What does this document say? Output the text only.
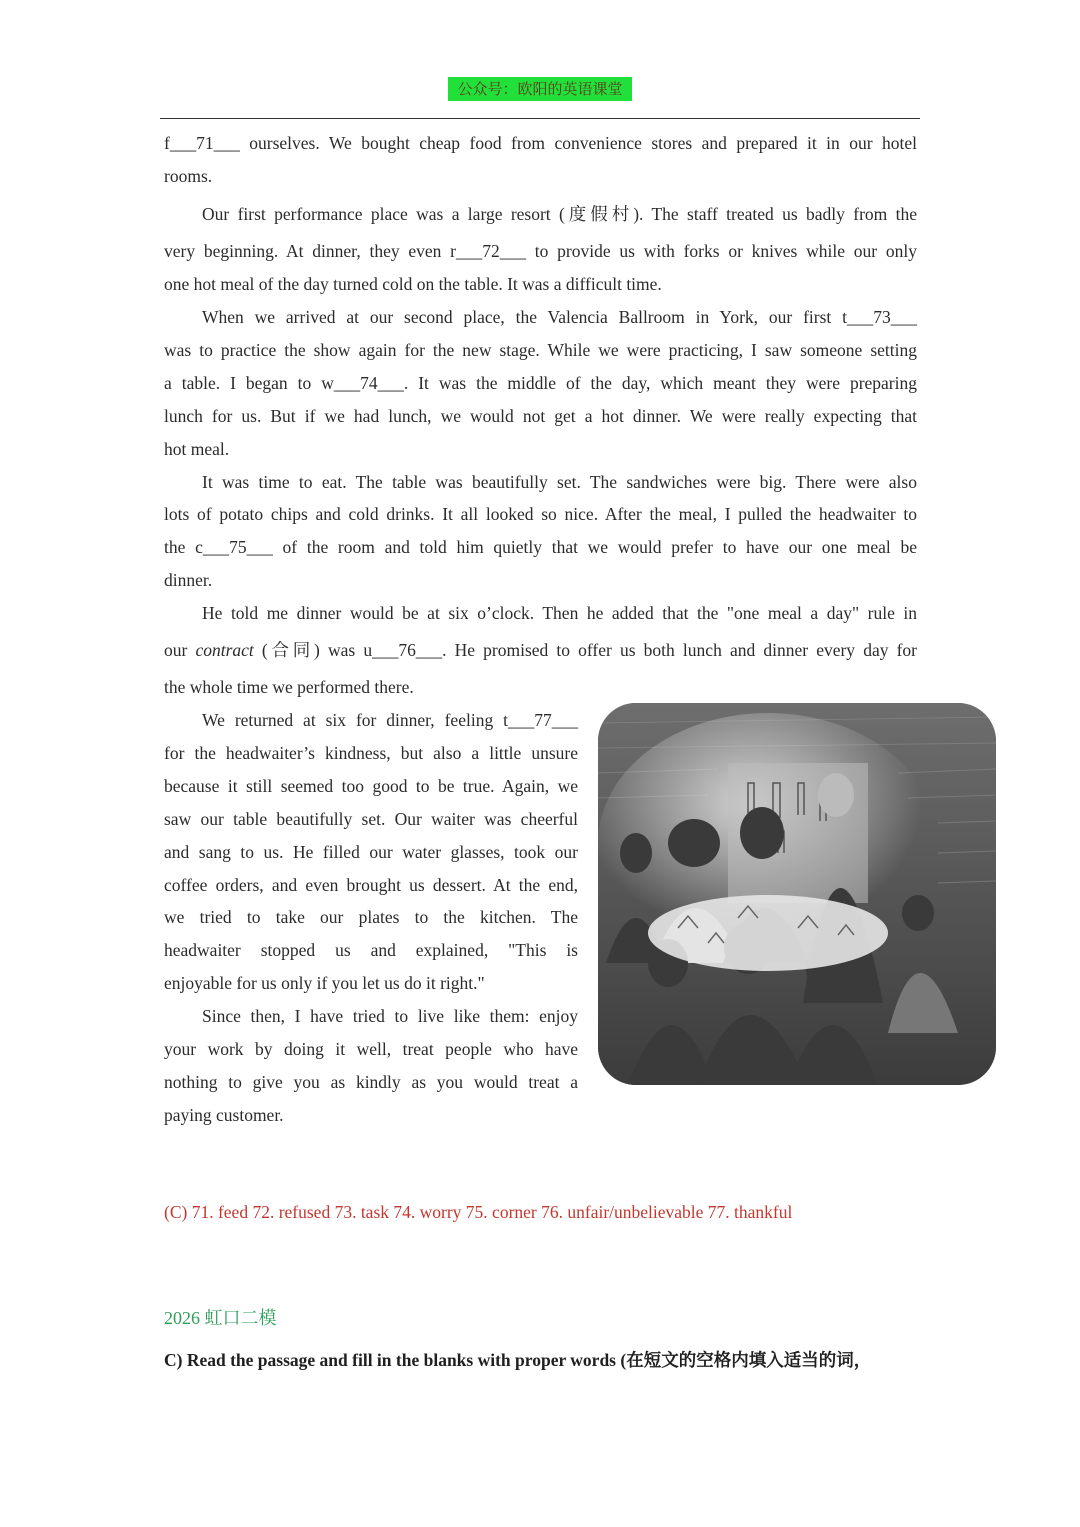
公众号：欧阳的英语课堂
f___71___ ourselves. We bought cheap food from convenience stores and prepared it in our hotel
rooms.
Our first performance place was a large resort (度假村). The staff treated us badly from the
very beginning. At dinner, they even r___72___ to provide us with forks or knives while our only
one hot meal of the day turned cold on the table. It was a difficult time.
When we arrived at our second place, the Valencia Ballroom in York, our first t___73___
was to practice the show again for the new stage. While we were practicing, I saw someone setting
a table. I began to w___74___. It was the middle of the day, which meant they were preparing
lunch for us. But if we had lunch, we would not get a hot dinner. We were really expecting that
hot meal.
It was time to eat. The table was beautifully set. The sandwiches were big. There were also
lots of potato chips and cold drinks. It all looked so nice. After the meal, I pulled the headwaiter to
the c___75___ of the room and told him quietly that we would prefer to have our one meal be
dinner.
He told me dinner would be at six o’clock. Then he added that the "one meal a day" rule in
our contract (合同) was u___76___. He promised to offer us both lunch and dinner every day for
the whole time we performed there.
We returned at six for dinner, feeling t___77___
for the headwaiter’s kindness, but also a little unsure
because it still seemed too good to be true. Again, we
saw our table beautifully set. Our waiter was cheerful
and sang to us. He filled our water glasses, took our
coffee orders, and even brought us dessert. At the end,
we tried to take our plates to the kitchen. The
headwaiter stopped us and explained, "This is
enjoyable for us only if you let us do it right."
Since then, I have tried to live like them: enjoy
your work by doing it well, treat people who have
nothing to give you as kindly as you would treat a
paying customer.
(C) 71. feed 72. refused 73. task 74. worry 75. corner 76. unfair/unbelievable 77. thankful
2026 虹口二模
C) Read the passage and fill in the blanks with proper words (在短文的空格内填入适当的词，
